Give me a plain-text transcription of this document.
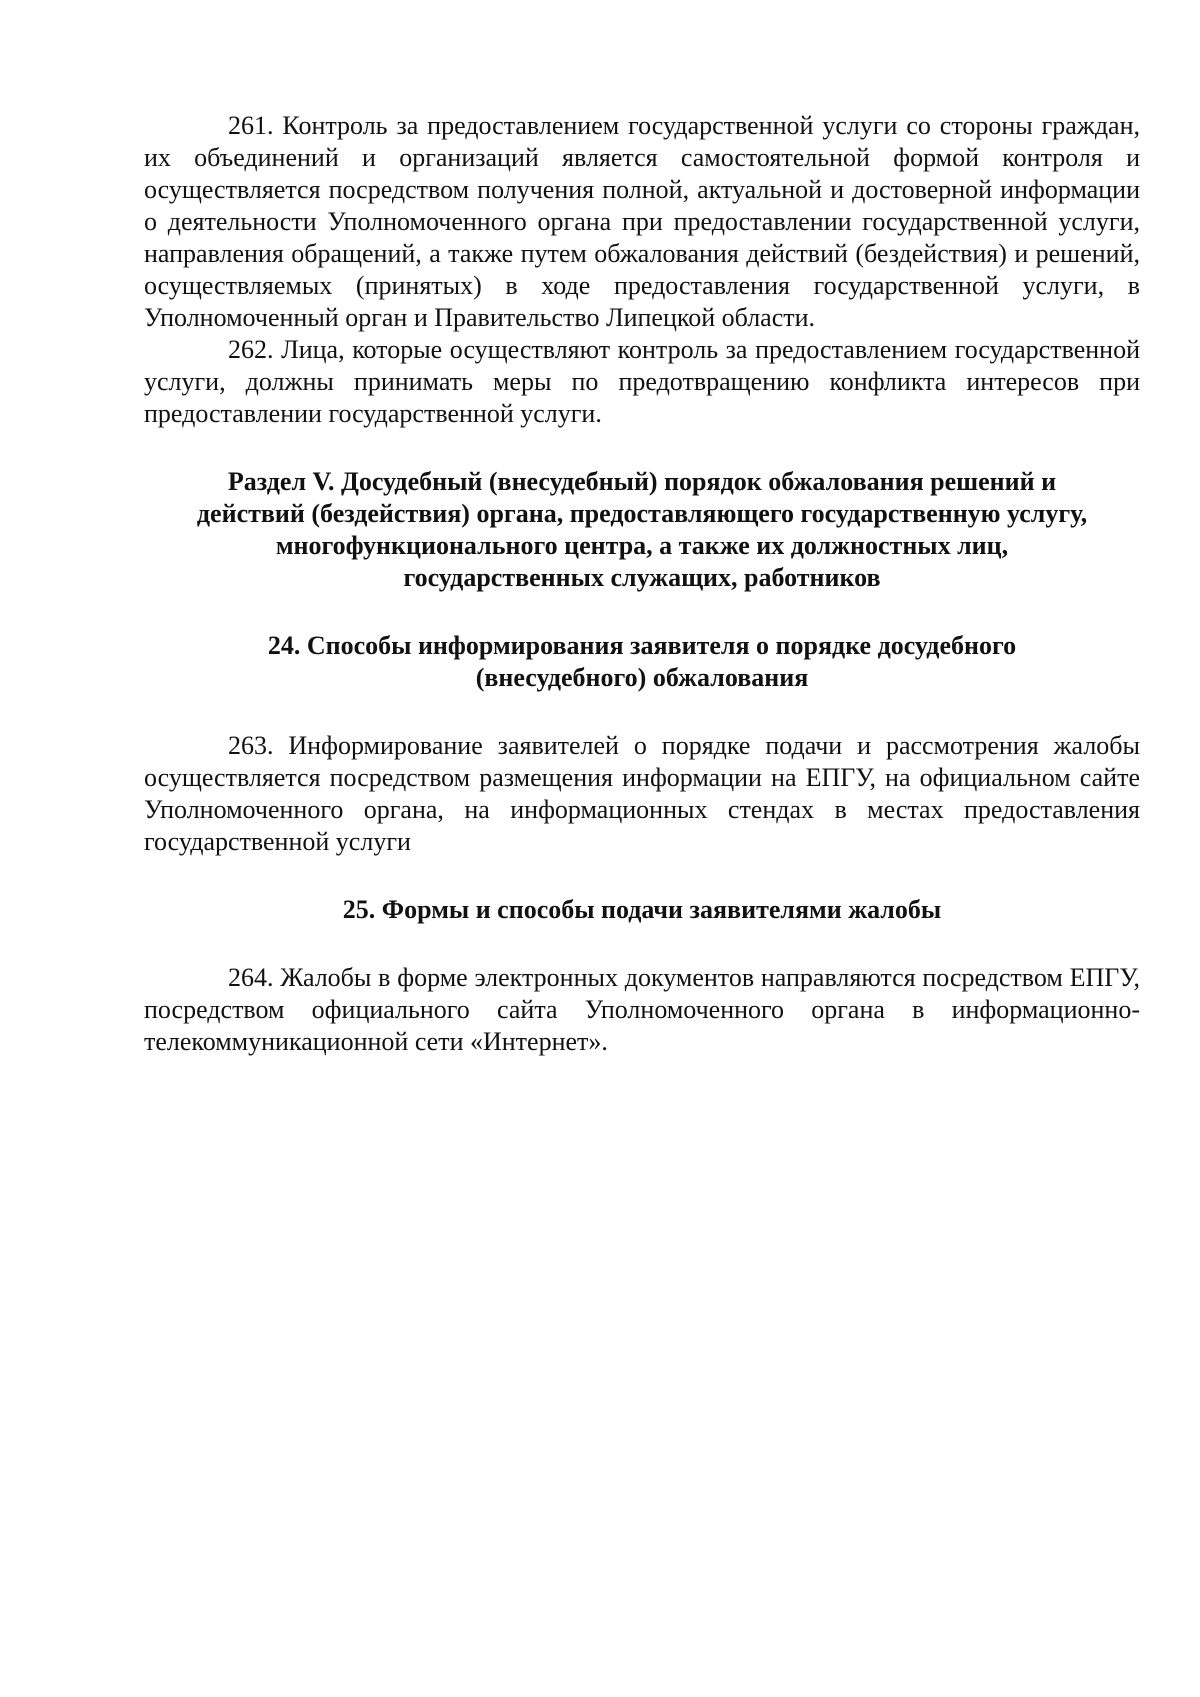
261. Контроль за предоставлением государственной услуги со стороны граждан, их объединений и организаций является самостоятельной формой контроля и осуществляется посредством получения полной, актуальной и достоверной информации о деятельности Уполномоченного органа при предоставлении государственной услуги, направления обращений, а также путем обжалования действий (бездействия) и решений, осуществляемых (принятых) в ходе предоставления государственной услуги, в Уполномоченный орган и Правительство Липецкой области.

262. Лица, которые осуществляют контроль за предоставлением государственной услуги, должны принимать меры по предотвращению конфликта интересов при предоставлении государственной услуги.

Раздел V. Досудебный (внесудебный) порядок обжалования решений и
действий (бездействия) органа, предоставляющего государственную услугу,
многофункционального центра, а также их должностных лиц,
государственных служащих, работников
24. Способы информирования заявителя о порядке досудебного
(внесудебного) обжалования

263. Информирование заявителей о порядке подачи и рассмотрения жалобы осуществляется посредством размещения информации на ЕПГУ, на официальном сайте Уполномоченного органа, на информационных стендах в местах предоставления государственной услуги

25. Формы и способы подачи заявителями жалобы

264. Жалобы в форме электронных документов направляются посредством ЕПГУ, посредством официального сайта Уполномоченного органа в информационно-телекоммуникационной сети «Интернет».
